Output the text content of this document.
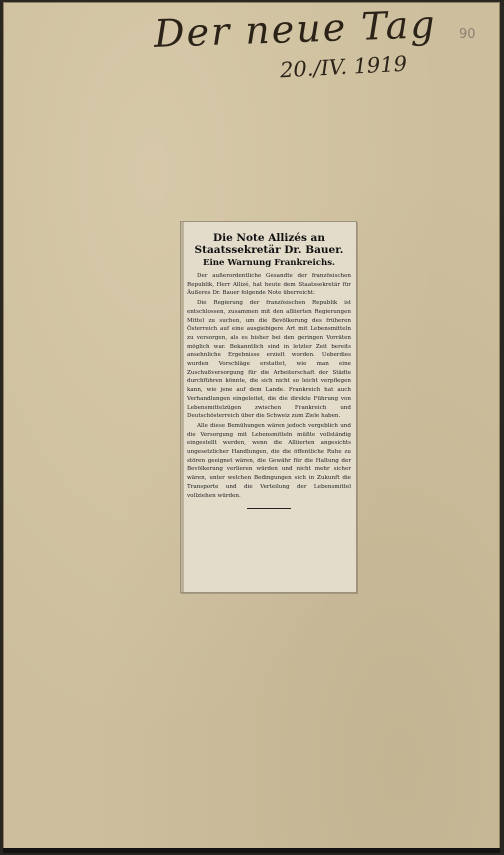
Der neue Tag
20./IV. 1919
90
Die Note Allizés an Staatssekretär Dr. Bauer.
Eine Warnung Frankreichs.

Der außerordentliche Gesandte der französischen Republik, Herr Allizé, hat heute dem Staatssekretär für Äußeres Dr. Bauer folgende Note überreicht:

Die Regierung der französischen Republik ist entschlossen, zusammen mit den alliierten Regierungen Mittel zu suchen, um die Bevölkerung des früheren Österreich auf eine ausgiebigere Art mit Lebensmitteln zu versorgen, als es bisher bei den geringen Vorräten möglich war. Bekanntlich sind in letzter Zeit bereits ansehnliche Ergebnisse erzielt worden. Ueberdies wurden Vorschläge erstattet, wie man eine Zuschußversorgung für die Arbeiterschaft der Städte durchführen könnte, die sich nicht so leicht verpflegen kann, wie jene auf dem Lande. Frankreich hat auch Verhandlungen eingeleitet, die die direkte Führung von Lebensmittelzügen zwischen Frankreich und Deutschösterreich über die Schweiz zum Ziele haben.

Alle diese Bemühungen wären jedoch vergeblich und die Versorgung mit Lebensmitteln müßte vollständig eingestellt werden, wenn die Alliierten angesichts ungesetzlicher Handlungen, die die öffentliche Ruhe zu stören geeignet wären, die Gewähr für die Haltung der Bevölkerung verlieren würden und nicht mehr sicher wären, unter welchen Bedingungen sich in Zukunft die Transporte und die Verteilung der Lebensmittel vollziehen würden.
